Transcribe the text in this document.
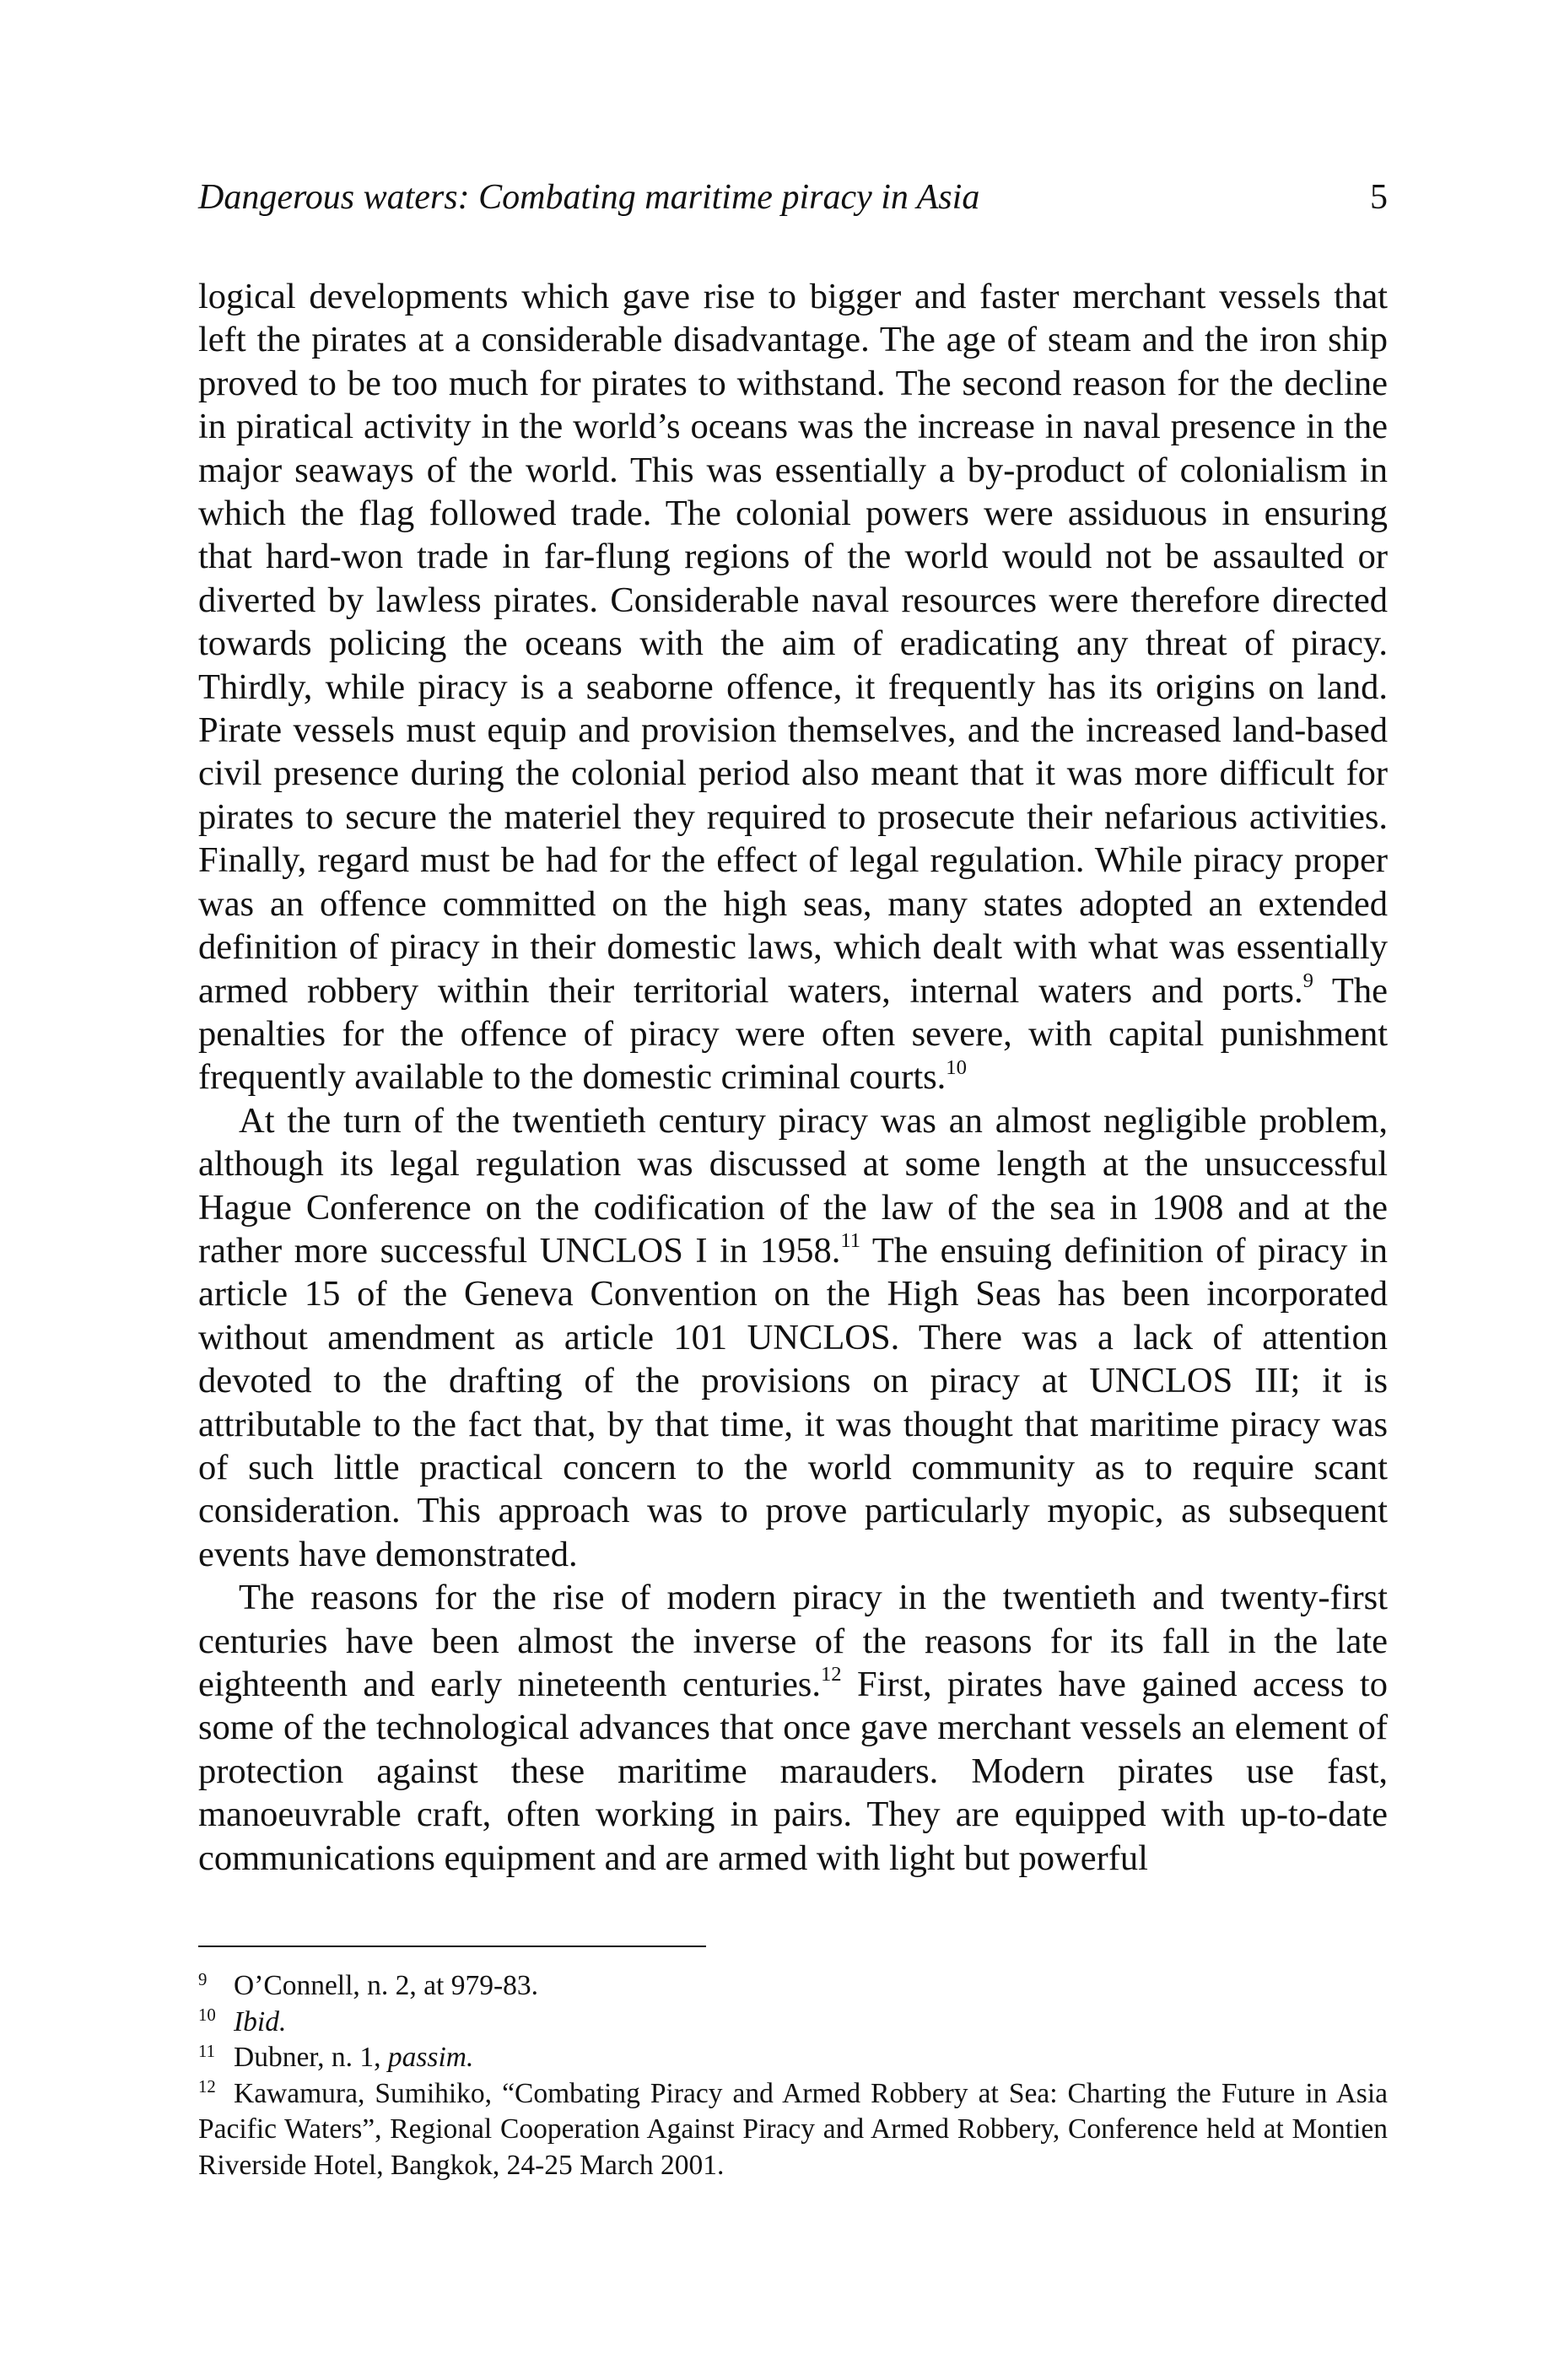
Dangerous waters: Combating maritime piracy in Asia	5

logical developments which gave rise to bigger and faster merchant vessels that left the pirates at a considerable disadvantage. The age of steam and the iron ship proved to be too much for pirates to withstand. The second reason for the decline in piratical activity in the world’s oceans was the increase in naval presence in the major seaways of the world. This was essentially a by-product of colonialism in which the flag followed trade. The colonial powers were assiduous in ensuring that hard-won trade in far-flung regions of the world would not be assaulted or diverted by lawless pirates. Considerable naval resources were therefore directed towards policing the oceans with the aim of eradicating any threat of piracy. Thirdly, while piracy is a seaborne offence, it frequently has its origins on land. Pirate vessels must equip and provision themselves, and the increased land-based civil presence during the colonial period also meant that it was more difficult for pirates to secure the materiel they required to prosecute their nefarious activities. Finally, regard must be had for the effect of legal regulation. While piracy proper was an offence committed on the high seas, many states adopted an extended definition of piracy in their domestic laws, which dealt with what was essentially armed robbery within their territorial waters, internal waters and ports.$^9$ The penalties for the offence of piracy were often severe, with capital punishment frequently available to the domestic criminal courts.$^{10}$

At the turn of the twentieth century piracy was an almost negligible problem, although its legal regulation was discussed at some length at the unsuccessful Hague Conference on the codification of the law of the sea in 1908 and at the rather more successful UNCLOS I in 1958.11 The ensuing definition of piracy in article 15 of the Geneva Convention on the High Seas has been incorporated without amendment as article 101 UNCLOS. There was a lack of attention devoted to the drafting of the provisions on piracy at UNCLOS III; it is attributable to the fact that, by that time, it was thought that maritime piracy was of such little practical concern to the world community as to require scant consideration. This approach was to prove particularly myopic, as subsequent events have demonstrated.

The reasons for the rise of modern piracy in the twentieth and twenty-first centuries have been almost the inverse of the reasons for its fall in the late eighteenth and early nineteenth centuries.$^{12}$ First, pirates have gained access to some of the technological advances that once gave merchant vessels an element of protection against these maritime marauders. Modern pirates use fast, manoeuvrable craft, often working in pairs. They are equipped with up-to-date communications equipment and are armed with light but powerful

9 O’Connell, n. 2, at 979-83.

10 Ibid.

11 Dubner, n. 1, passim.

12 Kawamura, Sumihiko, “Combating Piracy and Armed Robbery at Sea: Charting the Future in Asia Pacific Waters”, Regional Cooperation Against Piracy and Armed Robbery, Conference held at Montien Riverside Hotel, Bangkok, 24-25 March 2001.
